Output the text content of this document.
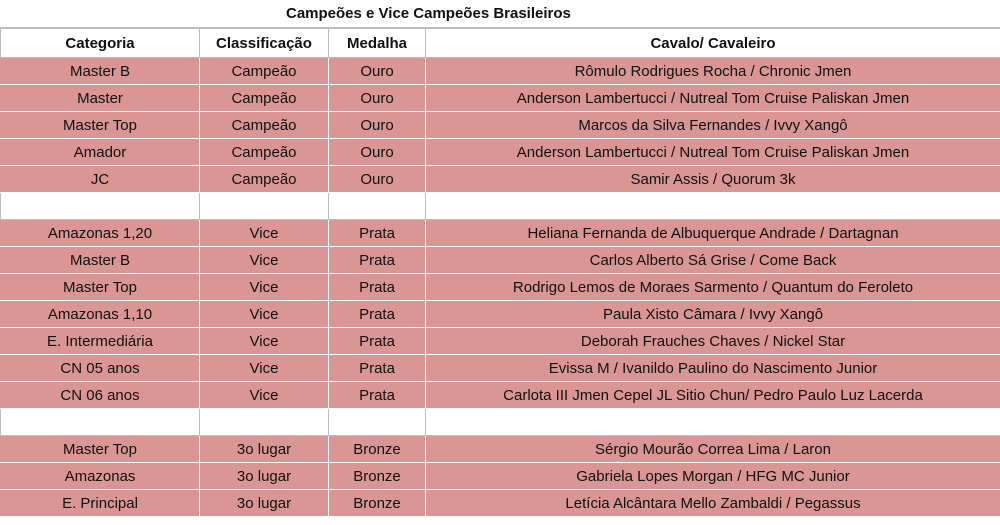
Campeões e Vice Campeões Brasileiros
Categoria	Classificação	Medalha	Cavalo/ Cavaleiro
Master B	Campeão	Ouro	Rômulo Rodrigues Rocha / Chronic Jmen
Master	Campeão	Ouro	Anderson Lambertucci / Nutreal Tom Cruise Paliskan Jmen
Master Top	Campeão	Ouro	Marcos da Silva Fernandes / Ivvy Xangô
Amador	Campeão	Ouro	Anderson Lambertucci / Nutreal Tom Cruise Paliskan Jmen
JC	Campeão	Ouro	Samir Assis / Quorum 3k

Amazonas 1,20	Vice	Prata	Heliana Fernanda de Albuquerque Andrade / Dartagnan
Master B	Vice	Prata	Carlos Alberto Sá Grise / Come Back
Master Top	Vice	Prata	Rodrigo Lemos de Moraes Sarmento / Quantum do Feroleto
Amazonas 1,10	Vice	Prata	Paula Xisto Câmara / Ivvy Xangô
E. Intermediária	Vice	Prata	Deborah Frauches Chaves / Nickel Star
CN 05 anos	Vice	Prata	Evissa M / Ivanildo Paulino do Nascimento Junior
CN 06 anos	Vice	Prata	Carlota III Jmen Cepel JL Sitio Chun/ Pedro Paulo Luz Lacerda

Master Top	3o lugar	Bronze	Sérgio Mourão Correa Lima / Laron
Amazonas	3o lugar	Bronze	Gabriela Lopes Morgan / HFG MC Junior
E. Principal	3o lugar	Bronze	Letícia Alcântara Mello Zambaldi / Pegassus
